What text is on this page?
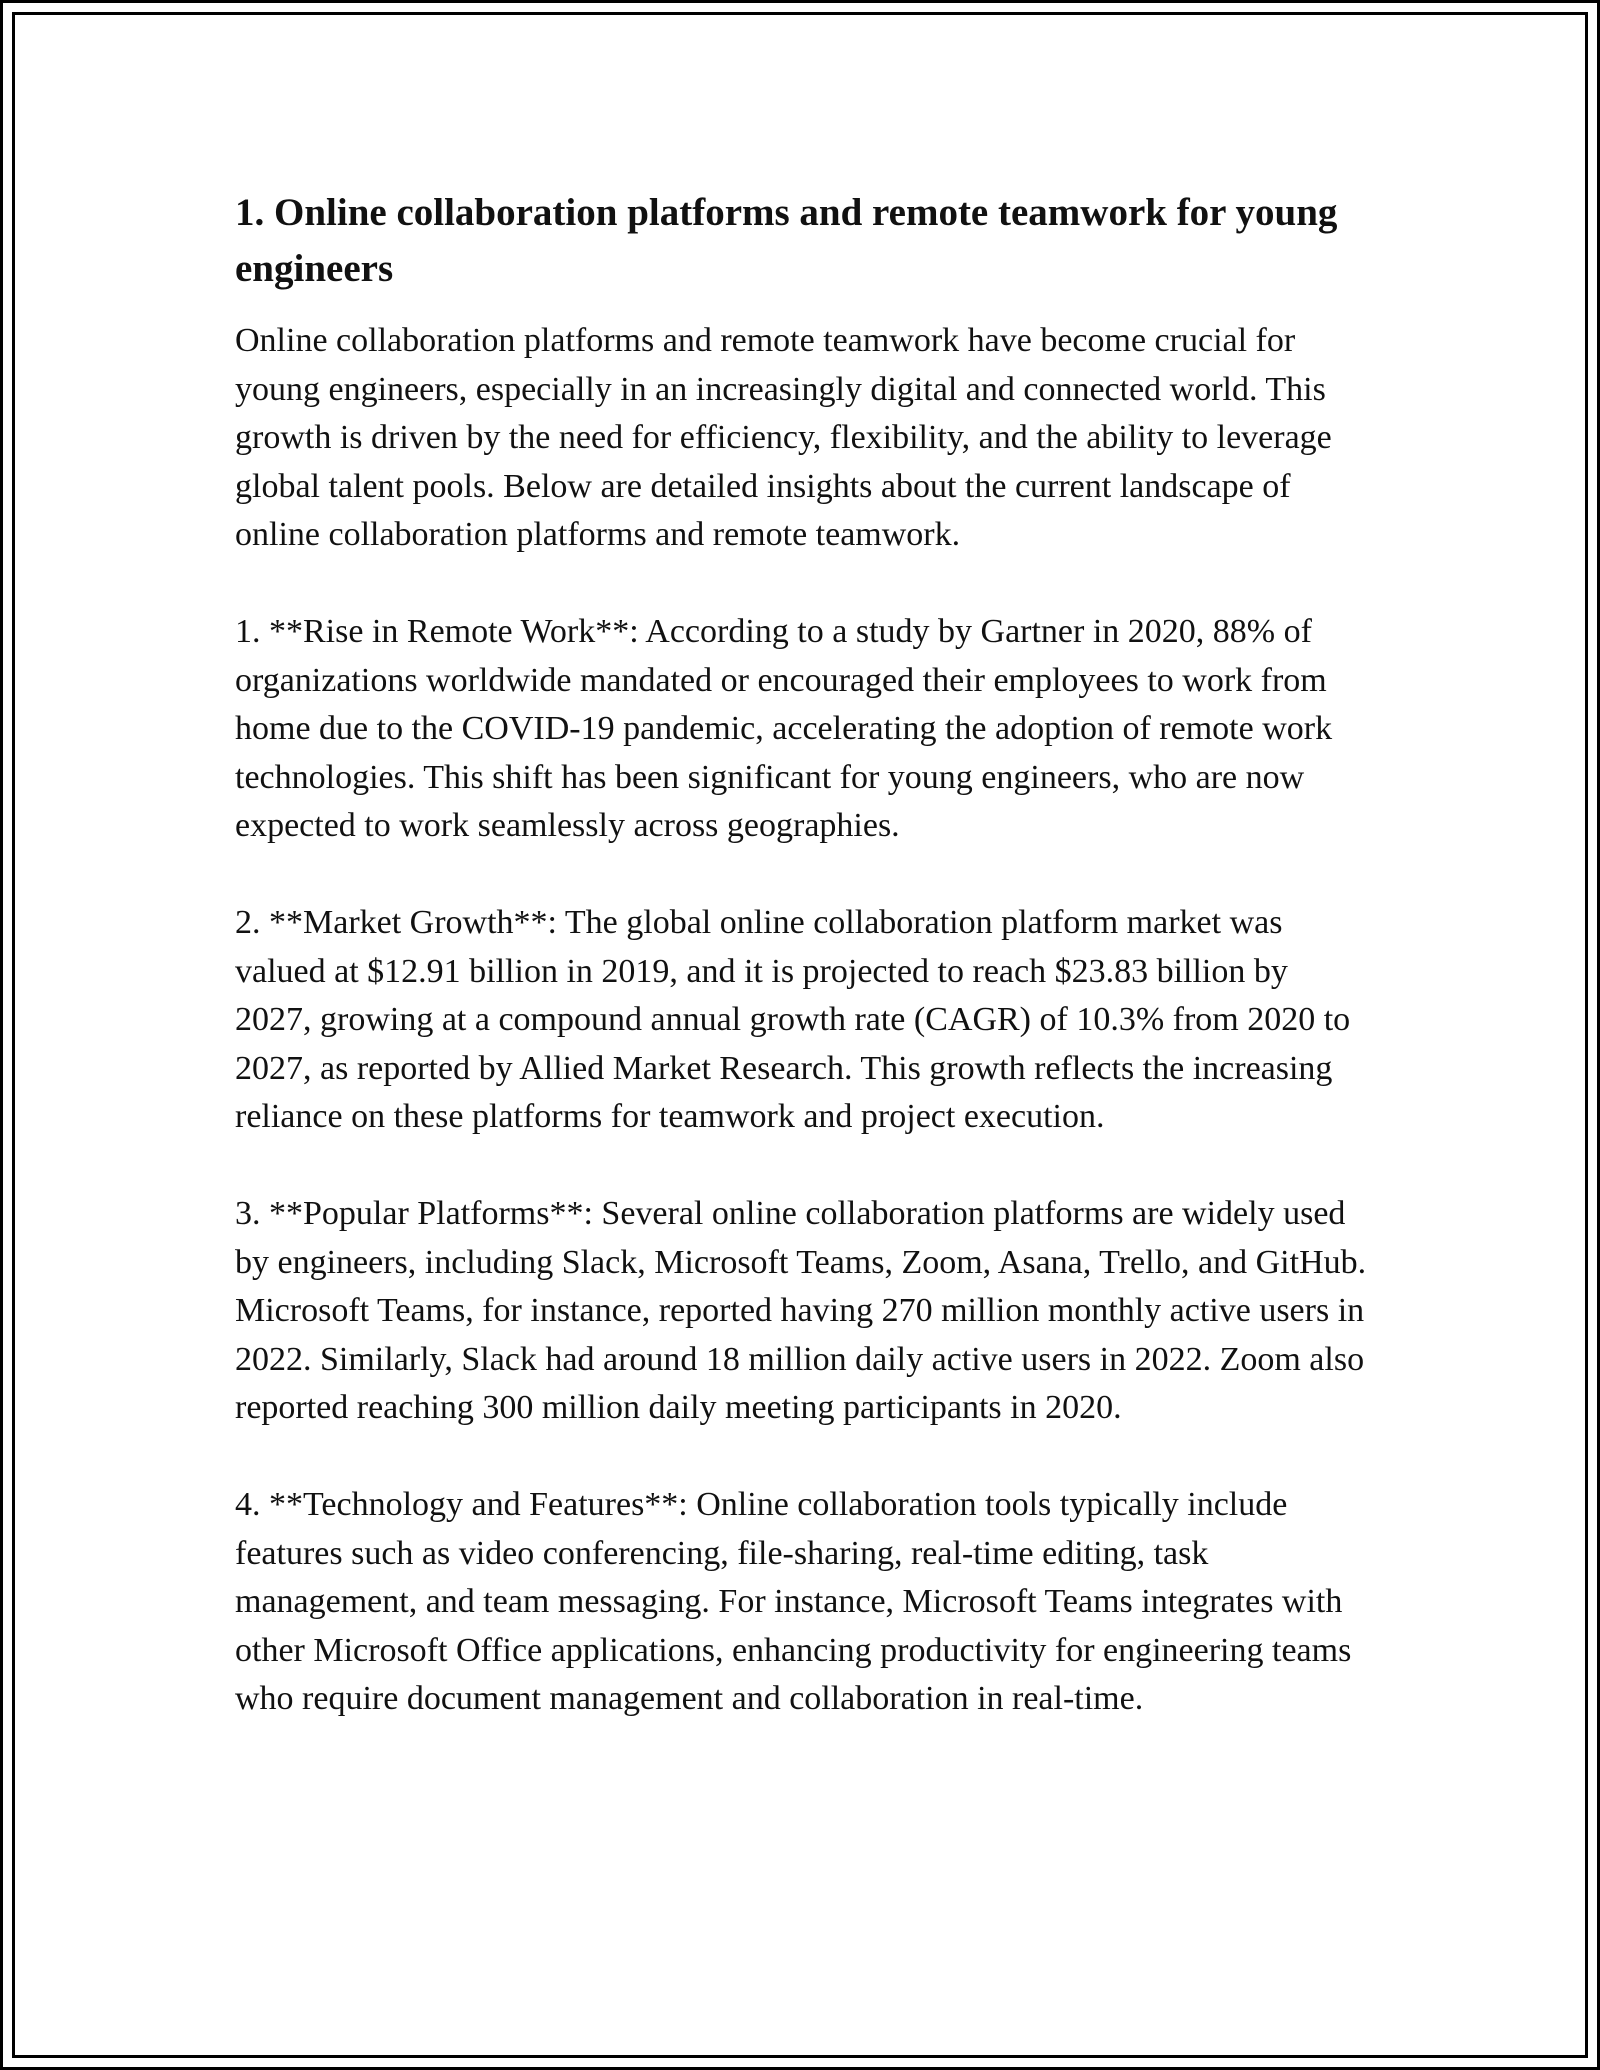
1. Online collaboration platforms and remote teamwork for young engineers

Online collaboration platforms and remote teamwork have become crucial for young engineers, especially in an increasingly digital and connected world. This growth is driven by the need for efficiency, flexibility, and the ability to leverage global talent pools. Below are detailed insights about the current landscape of online collaboration platforms and remote teamwork.

1. **Rise in Remote Work**: According to a study by Gartner in 2020, 88% of organizations worldwide mandated or encouraged their employees to work from home due to the COVID-19 pandemic, accelerating the adoption of remote work technologies. This shift has been significant for young engineers, who are now expected to work seamlessly across geographies.

2. **Market Growth**: The global online collaboration platform market was valued at $12.91 billion in 2019, and it is projected to reach $23.83 billion by 2027, growing at a compound annual growth rate (CAGR) of 10.3% from 2020 to 2027, as reported by Allied Market Research. This growth reflects the increasing reliance on these platforms for teamwork and project execution.

3. **Popular Platforms**: Several online collaboration platforms are widely used by engineers, including Slack, Microsoft Teams, Zoom, Asana, Trello, and GitHub. Microsoft Teams, for instance, reported having 270 million monthly active users in 2022. Similarly, Slack had around 18 million daily active users in 2022. Zoom also reported reaching 300 million daily meeting participants in 2020.

4. **Technology and Features**: Online collaboration tools typically include features such as video conferencing, file-sharing, real-time editing, task management, and team messaging. For instance, Microsoft Teams integrates with other Microsoft Office applications, enhancing productivity for engineering teams who require document management and collaboration in real-time.
